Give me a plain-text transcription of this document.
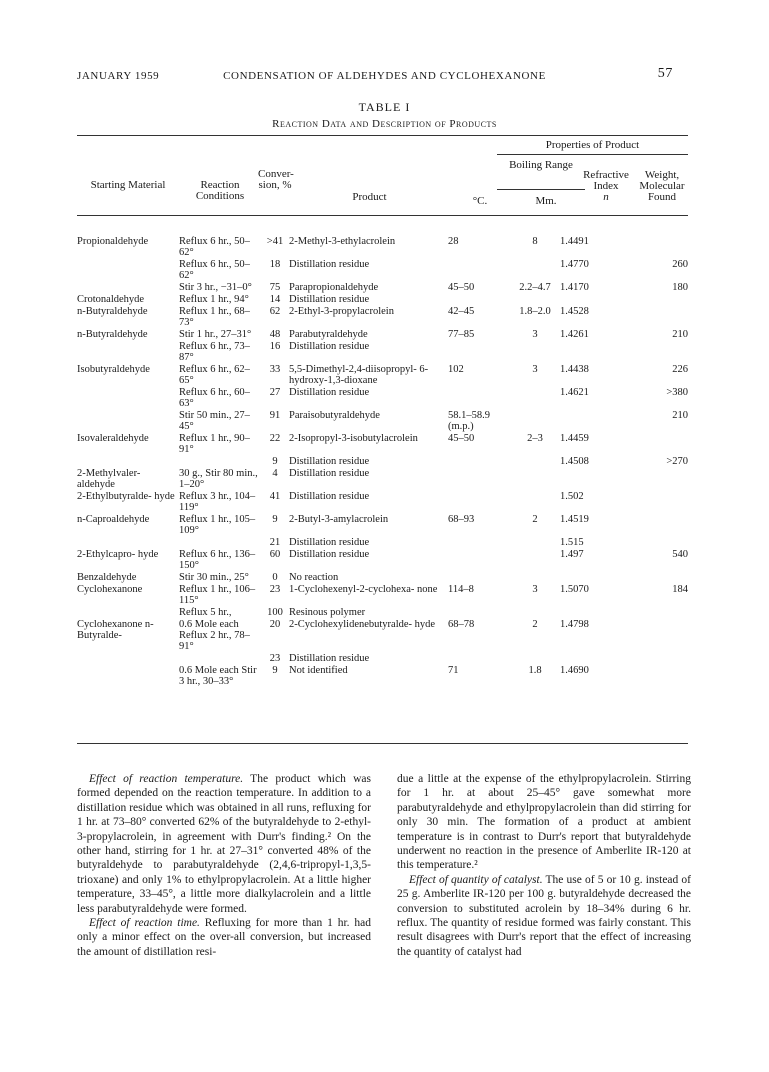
JANUARY 1959	CONDENSATION OF ALDEHYDES AND CYCLOHEXANONE	57
TABLE I
Reaction Data and Description of Products
Properties of Product
Boiling Range
Starting Material	Reaction Conditions
Conver- sion, %
Product	°C.	Mm.
Refractive
Index
n
Weight, Molecular Found
Propionaldehyde	Reflux 6 hr., 50–62°	>41	2-Methyl-3-ethylacrolein	28	8	1.4491	
	Reflux 6 hr., 50–62°	18	Distillation residue			1.4770	260
	Stir 3 hr., −31–0°	75	Parapropionaldehyde	45–50	2.2–4.7	1.4170	180
Crotonaldehyde	Reflux 1 hr., 94°	14	Distillation residue				
n-Butyraldehyde	Reflux 1 hr., 68–73°	62	2-Ethyl-3-propylacrolein	42–45	1.8–2.0	1.4528	
n-Butyraldehyde	Stir 1 hr., 27–31°	48	Parabutyraldehyde	77–85	3	1.4261	210
	Reflux 6 hr., 73–87°	16	Distillation residue				
Isobutyraldehyde	Reflux 6 hr., 62–65°	33	5,5-Dimethyl-2,4-diisopropyl- 6-hydroxy-1,3-dioxane	102	3	1.4438	226
	Reflux 6 hr., 60–63°	27	Distillation residue			1.4621	>380
	Stir 50 min., 27–45°	91	Paraisobutyraldehyde	58.1–58.9 (m.p.)			210
Isovaleraldehyde	Reflux 1 hr., 90–91°	22	2-Isopropyl-3-isobutylacrolein	45–50	2–3	1.4459	
		9	Distillation residue			1.4508	>270
2-Methylvaler- aldehyde	30 g., Stir 80 min., 1–20°	4	Distillation residue				
2-Ethylbutyralde- hyde	Reflux 3 hr., 104–119°	41	Distillation residue			1.502	
n-Caproaldehyde	Reflux 1 hr., 105–109°	9	2-Butyl-3-amylacrolein	68–93	2	1.4519	
		21	Distillation residue			1.515	
2-Ethylcapro- hyde	Reflux 6 hr., 136–150°	60	Distillation residue			1.497	540
Benzaldehyde	Stir 30 min., 25°	0	No reaction				
Cyclohexanone	Reflux 1 hr., 106–115°	23	1-Cyclohexenyl-2-cyclohexa- none	114–8	3	1.5070	184
	Reflux 5 hr.,	100	Resinous polymer				
Cyclohexanone n-Butyralde-	0.6 Mole each Reflux 2 hr., 78–91°	20	2-Cyclohexylidenebutyralde- hyde	68–78	2	1.4798	
		23	Distillation residue				
	0.6 Mole each Stir 3 hr., 30–33°	9	Not identified	71	1.8	1.4690	

Effect of reaction temperature. The product which was formed depended on the reaction temperature. In addition to a distillation residue which was obtained in all runs, refluxing for 1 hr. at 73–80° converted 62% of the butyraldehyde to 2-ethyl-3-propylacrolein, in agreement with Durr's finding.² On the other hand, stirring for 1 hr. at 27–31° converted 48% of the butyraldehyde to parabutyraldehyde (2,4,6-tripropyl-1,3,5-trioxane) and only 1% to ethylpropylacrolein. At a little higher temperature, 33–45°, a little more dialkylacrolein and a little less parabutyraldehyde were formed.

Effect of reaction time. Refluxing for more than 1 hr. had only a minor effect on the over-all conversion, but increased the amount of distillation resi-

due a little at the expense of the ethylpropylacrolein. Stirring for 1 hr. at about 25–45° gave somewhat more parabutyraldehyde and ethylpropylacrolein than did stirring for only 30 min. The formation of a product at ambient temperature is in contrast to Durr's report that butyraldehyde underwent no reaction in the presence of Amberlite IR-120 at this temperature.²

Effect of quantity of catalyst. The use of 5 or 10 g. instead of 25 g. Amberlite IR-120 per 100 g. butyraldehyde decreased the conversion to substituted acrolein by 18–34% during 6 hr. reflux. The quantity of residue formed was fairly constant. This result disagrees with Durr's report that the effect of increasing the quantity of catalyst had
